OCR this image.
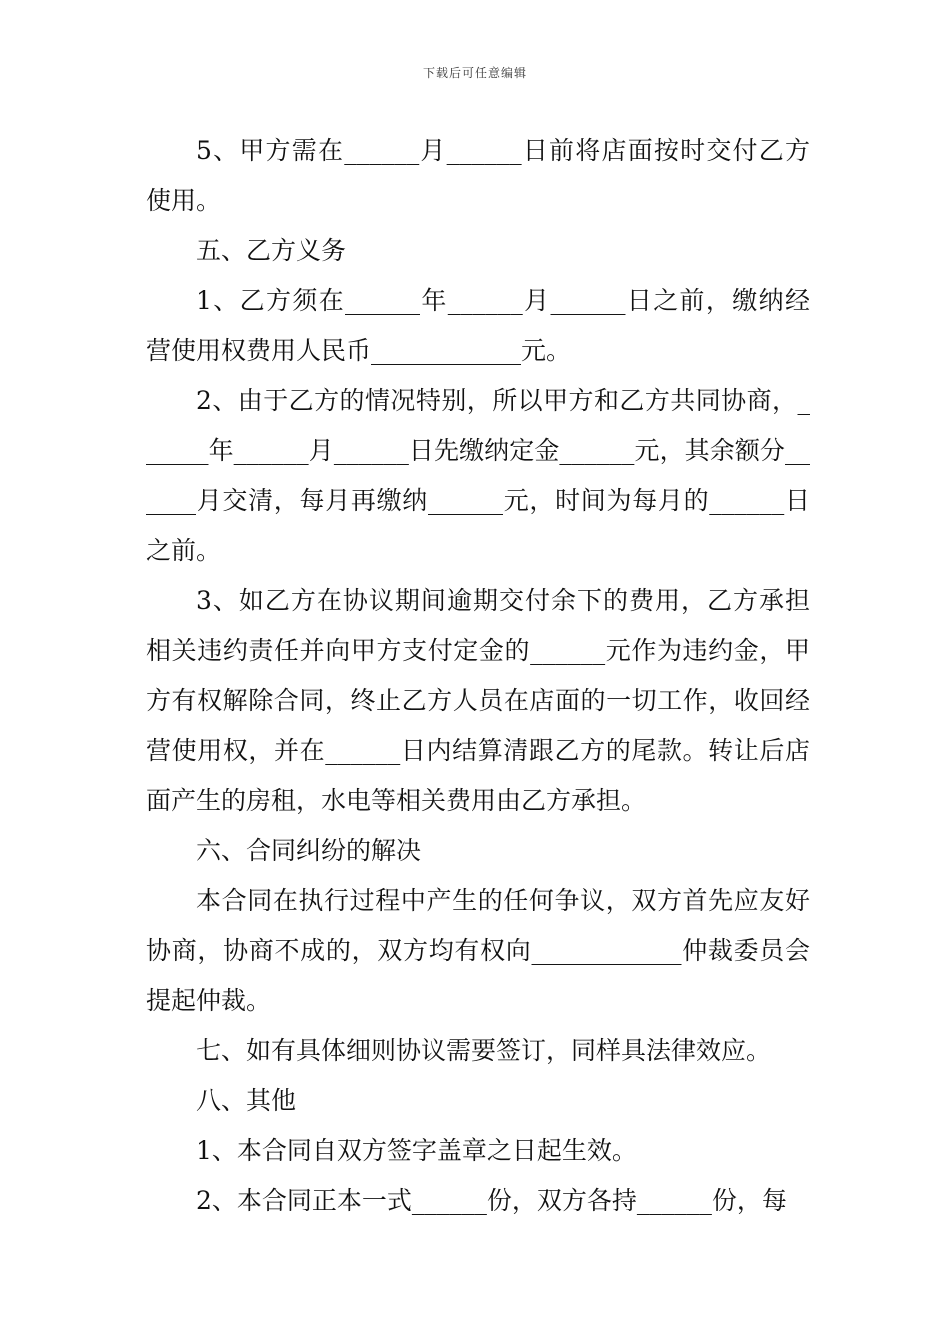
下载后可任意编辑

5、甲方需在______月______日前将店面按时交付乙方使用。

五、乙方义务

1、乙方须在______年______月______日之前，缴纳经营使用权费用人民币____________元。

2、由于乙方的情况特别，所以甲方和乙方共同协商，______年______月______日先缴纳定金______元，其余额分______月交清，每月再缴纳______元，时间为每月的______日之前。

3、如乙方在协议期间逾期交付余下的费用，乙方承担相关违约责任并向甲方支付定金的______元作为违约金，甲方有权解除合同，终止乙方人员在店面的一切工作，收回经营使用权，并在______日内结算清跟乙方的尾款。转让后店面产生的房租，水电等相关费用由乙方承担。

六、合同纠纷的解决

本合同在执行过程中产生的任何争议，双方首先应友好协商，协商不成的，双方均有权向____________仲裁委员会提起仲裁。

七、如有具体细则协议需要签订，同样具法律效应。

八、其他

1、本合同自双方签字盖章之日起生效。

2、本合同正本一式______份，双方各持______份，每
